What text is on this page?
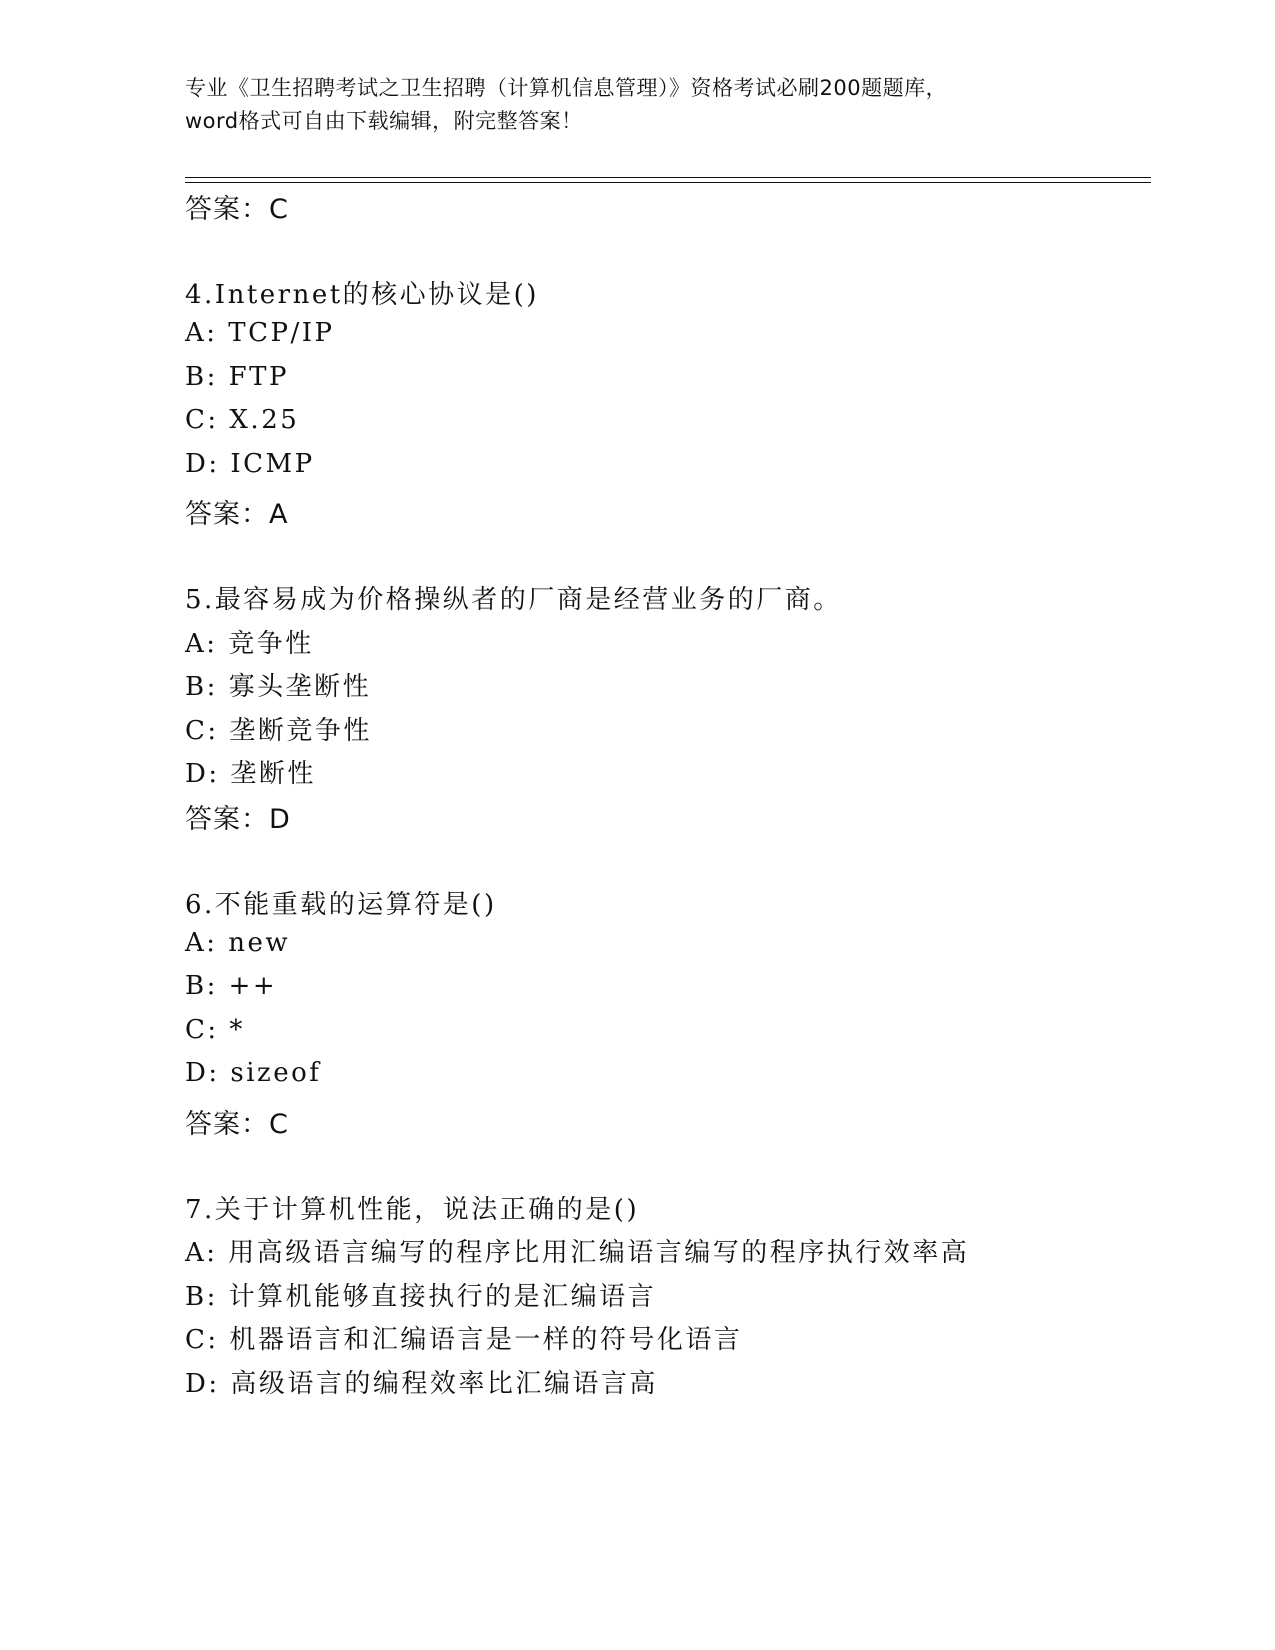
专业《卫生招聘考试之卫生招聘（计算机信息管理）》资格考试必刷200题题库，
word格式可自由下载编辑，附完整答案！
答案：C
4.Internet的核心协议是()
A: TCP/IP
B: FTP
C: X.25
D: ICMP
答案：A
5.最容易成为价格操纵者的厂商是经营业务的厂商。
A: 竞争性
B: 寡头垄断性
C: 垄断竞争性
D: 垄断性
答案：D
6.不能重载的运算符是()
A: new
B: ++
C: *
D: sizeof
答案：C
7.关于计算机性能，说法正确的是()
A: 用高级语言编写的程序比用汇编语言编写的程序执行效率高
B: 计算机能够直接执行的是汇编语言
C: 机器语言和汇编语言是一样的符号化语言
D: 高级语言的编程效率比汇编语言高
